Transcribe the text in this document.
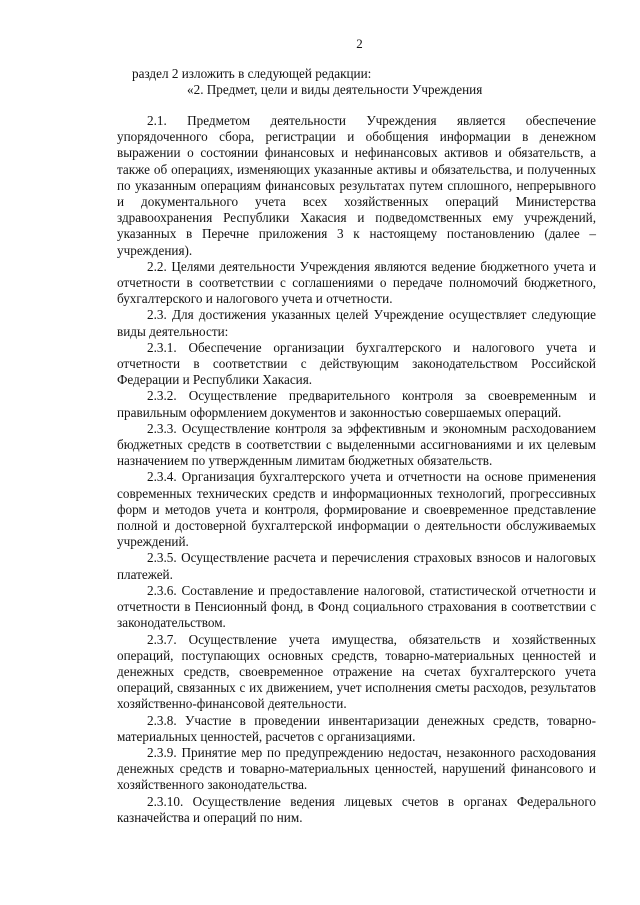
2

раздел 2 изложить в следующей редакции:

«2. Предмет, цели и виды деятельности Учреждения

2.1. Предметом деятельности Учреждения является обеспечение упорядоченного сбора, регистрации и обобщения информации в денежном выражении о состоянии финансовых и нефинансовых активов и обязательств, а также об операциях, изменяющих указанные активы и обязательства, и полученных по указанным операциям финансовых результатах путем сплошного, непрерывного и документального учета всех хозяйственных операций Министерства здравоохранения Республики Хакасия и подведомственных ему учреждений, указанных в Перечне приложения 3 к настоящему постановлению (далее – учреждения).

2.2. Целями деятельности Учреждения являются ведение бюджетного учета и отчетности в соответствии с соглашениями о передаче полномочий бюджетного, бухгалтерского и налогового учета и отчетности.

2.3. Для достижения указанных целей Учреждение осуществляет следующие виды деятельности:

2.3.1. Обеспечение организации бухгалтерского и налогового учета и отчетности в соответствии с действующим законодательством Российской Федерации и Республики Хакасия.

2.3.2. Осуществление предварительного контроля за своевременным и правильным оформлением документов и законностью совершаемых операций.

2.3.3. Осуществление контроля за эффективным и экономным расходованием бюджетных средств в соответствии с выделенными ассигнованиями и их целевым назначением по утвержденным лимитам бюджетных обязательств.

2.3.4. Организация бухгалтерского учета и отчетности на основе применения современных технических средств и информационных технологий, прогрессивных форм и методов учета и контроля, формирование и своевременное представление полной и достоверной бухгалтерской информации о деятельности обслуживаемых учреждений.

2.3.5. Осуществление расчета и перечисления страховых взносов и налоговых платежей.

2.3.6. Составление и предоставление налоговой, статистической отчетности и отчетности в Пенсионный фонд, в Фонд социального страхования в соответствии с законодательством.

2.3.7. Осуществление учета имущества, обязательств и хозяйственных операций, поступающих основных средств, товарно-материальных ценностей и денежных средств, своевременное отражение на счетах бухгалтерского учета операций, связанных с их движением, учет исполнения сметы расходов, результатов хозяйственно-финансовой деятельности.

2.3.8. Участие в проведении инвентаризации денежных средств, товарно-материальных ценностей, расчетов с организациями.

2.3.9. Принятие мер по предупреждению недостач, незаконного расходования денежных средств и товарно-материальных ценностей, нарушений финансового и хозяйственного законодательства.

2.3.10. Осуществление ведения лицевых счетов в органах Федерального казначейства и операций по ним.
